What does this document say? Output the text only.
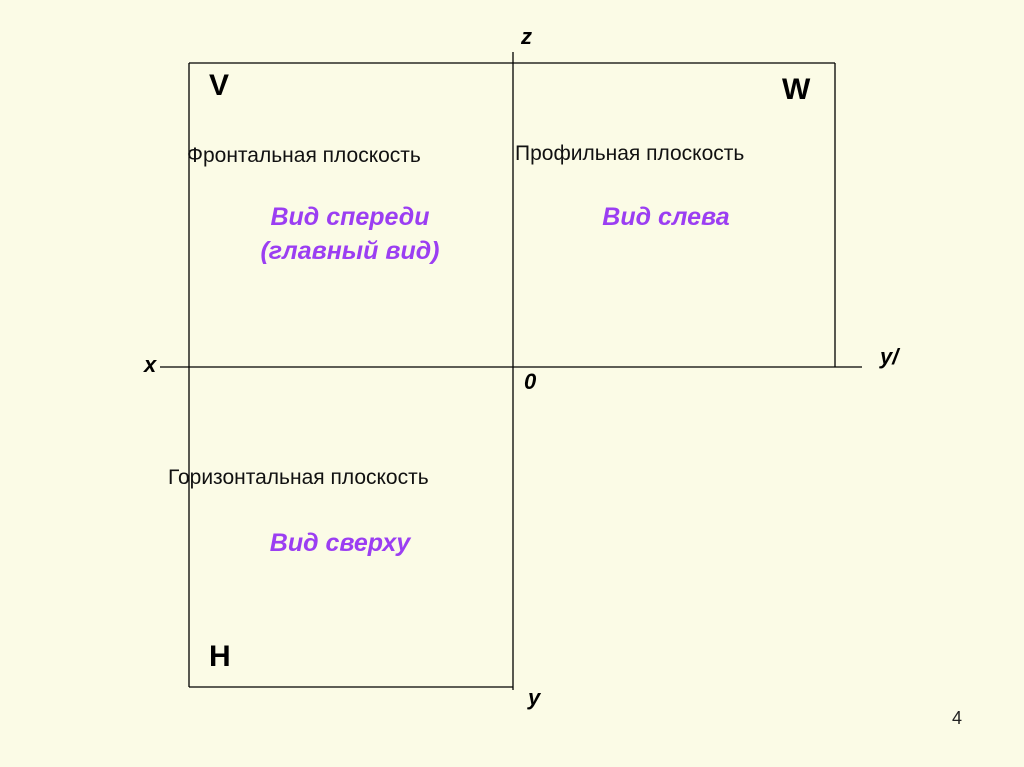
z
x	y/
0
y
V
Фронтальная плоскость
Вид спереди
(главный вид)
W
Профильная плоскость
Вид слева
H
Горизонтальная плоскость
Вид сверху
4
